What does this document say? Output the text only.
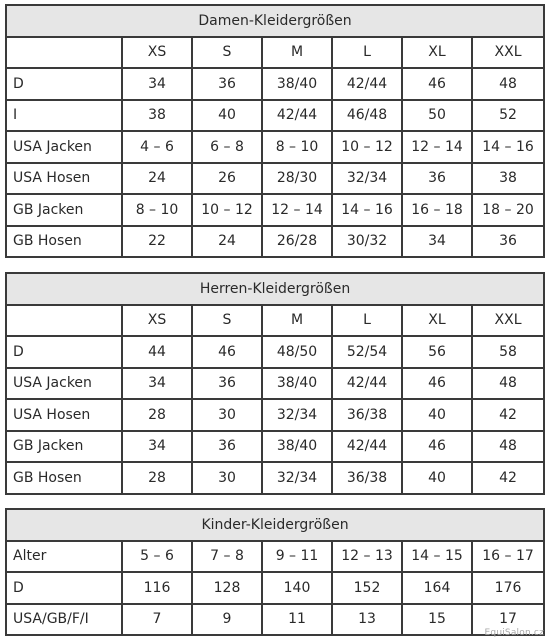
Damen-Kleidergrößen						
	XS	S	M	L	XL	XXL
D	34	36	38/40	42/44	46	48
I	38	40	42/44	46/48	50	52
USA Jacken	4 – 6	6 – 8	8 – 10	10 – 12	12 – 14	14 – 16
USA Hosen	24	26	28/30	32/34	36	38
GB Jacken	8 – 10	10 – 12	12 – 14	14 – 16	16 – 18	18 – 20
GB Hosen	22	24	26/28	30/32	34	36
Herren-Kleidergrößen						
	XS	S	M	L	XL	XXL
D	44	46	48/50	52/54	56	58
USA Jacken	34	36	38/40	42/44	46	48
USA Hosen	28	30	32/34	36/38	40	42
GB Jacken	34	36	38/40	42/44	46	48
GB Hosen	28	30	32/34	36/38	40	42
Kinder-Kleidergrößen						
Alter	5 – 6	7 – 8	9 – 11	12 – 13	14 – 15	16 – 17
D	116	128	140	152	164	176
USA/GB/F/I	7	9	11	13	15	17
EquiSalon.cz
